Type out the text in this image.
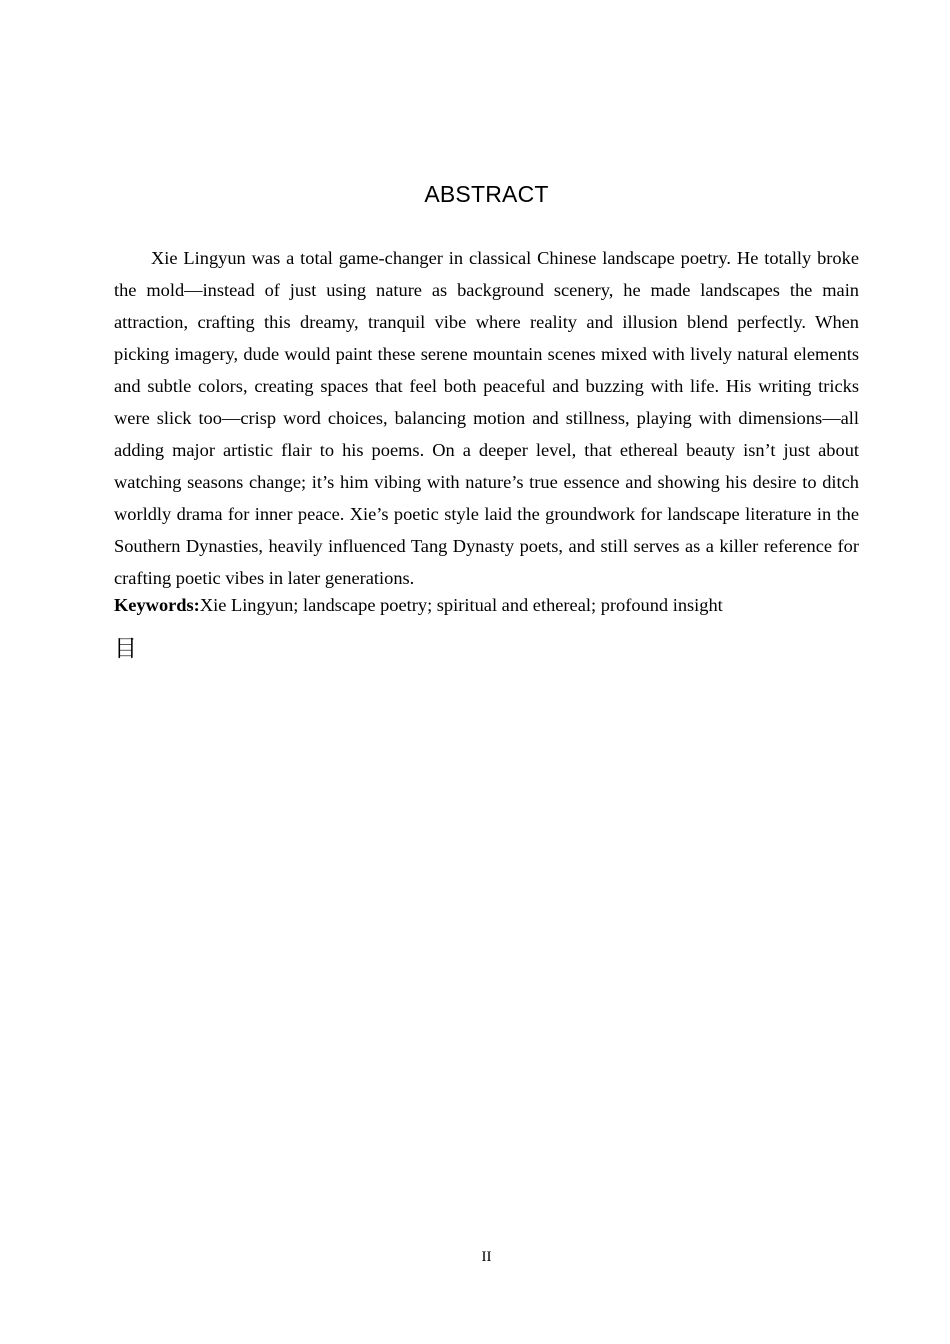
ABSTRACT

Xie Lingyun was a total game-changer in classical Chinese landscape poetry. He totally broke the mold—instead of just using nature as background scenery, he made landscapes the main attraction, crafting this dreamy, tranquil vibe where reality and illusion blend perfectly. When picking imagery, dude would paint these serene mountain scenes mixed with lively natural elements and subtle colors, creating spaces that feel both peaceful and buzzing with life. His writing tricks were slick too—crisp word choices, balancing motion and stillness, playing with dimensions—all adding major artistic flair to his poems. On a deeper level, that ethereal beauty isn’t just about watching seasons change; it’s him vibing with nature’s true essence and showing his desire to ditch worldly drama for inner peace. Xie’s poetic style laid the groundwork for landscape literature in the Southern Dynasties, heavily influenced Tang Dynasty poets, and still serves as a killer reference for crafting poetic vibes in later generations.

Keywords:Xie Lingyun; landscape poetry; spiritual and ethereal; profound insight

目
II
